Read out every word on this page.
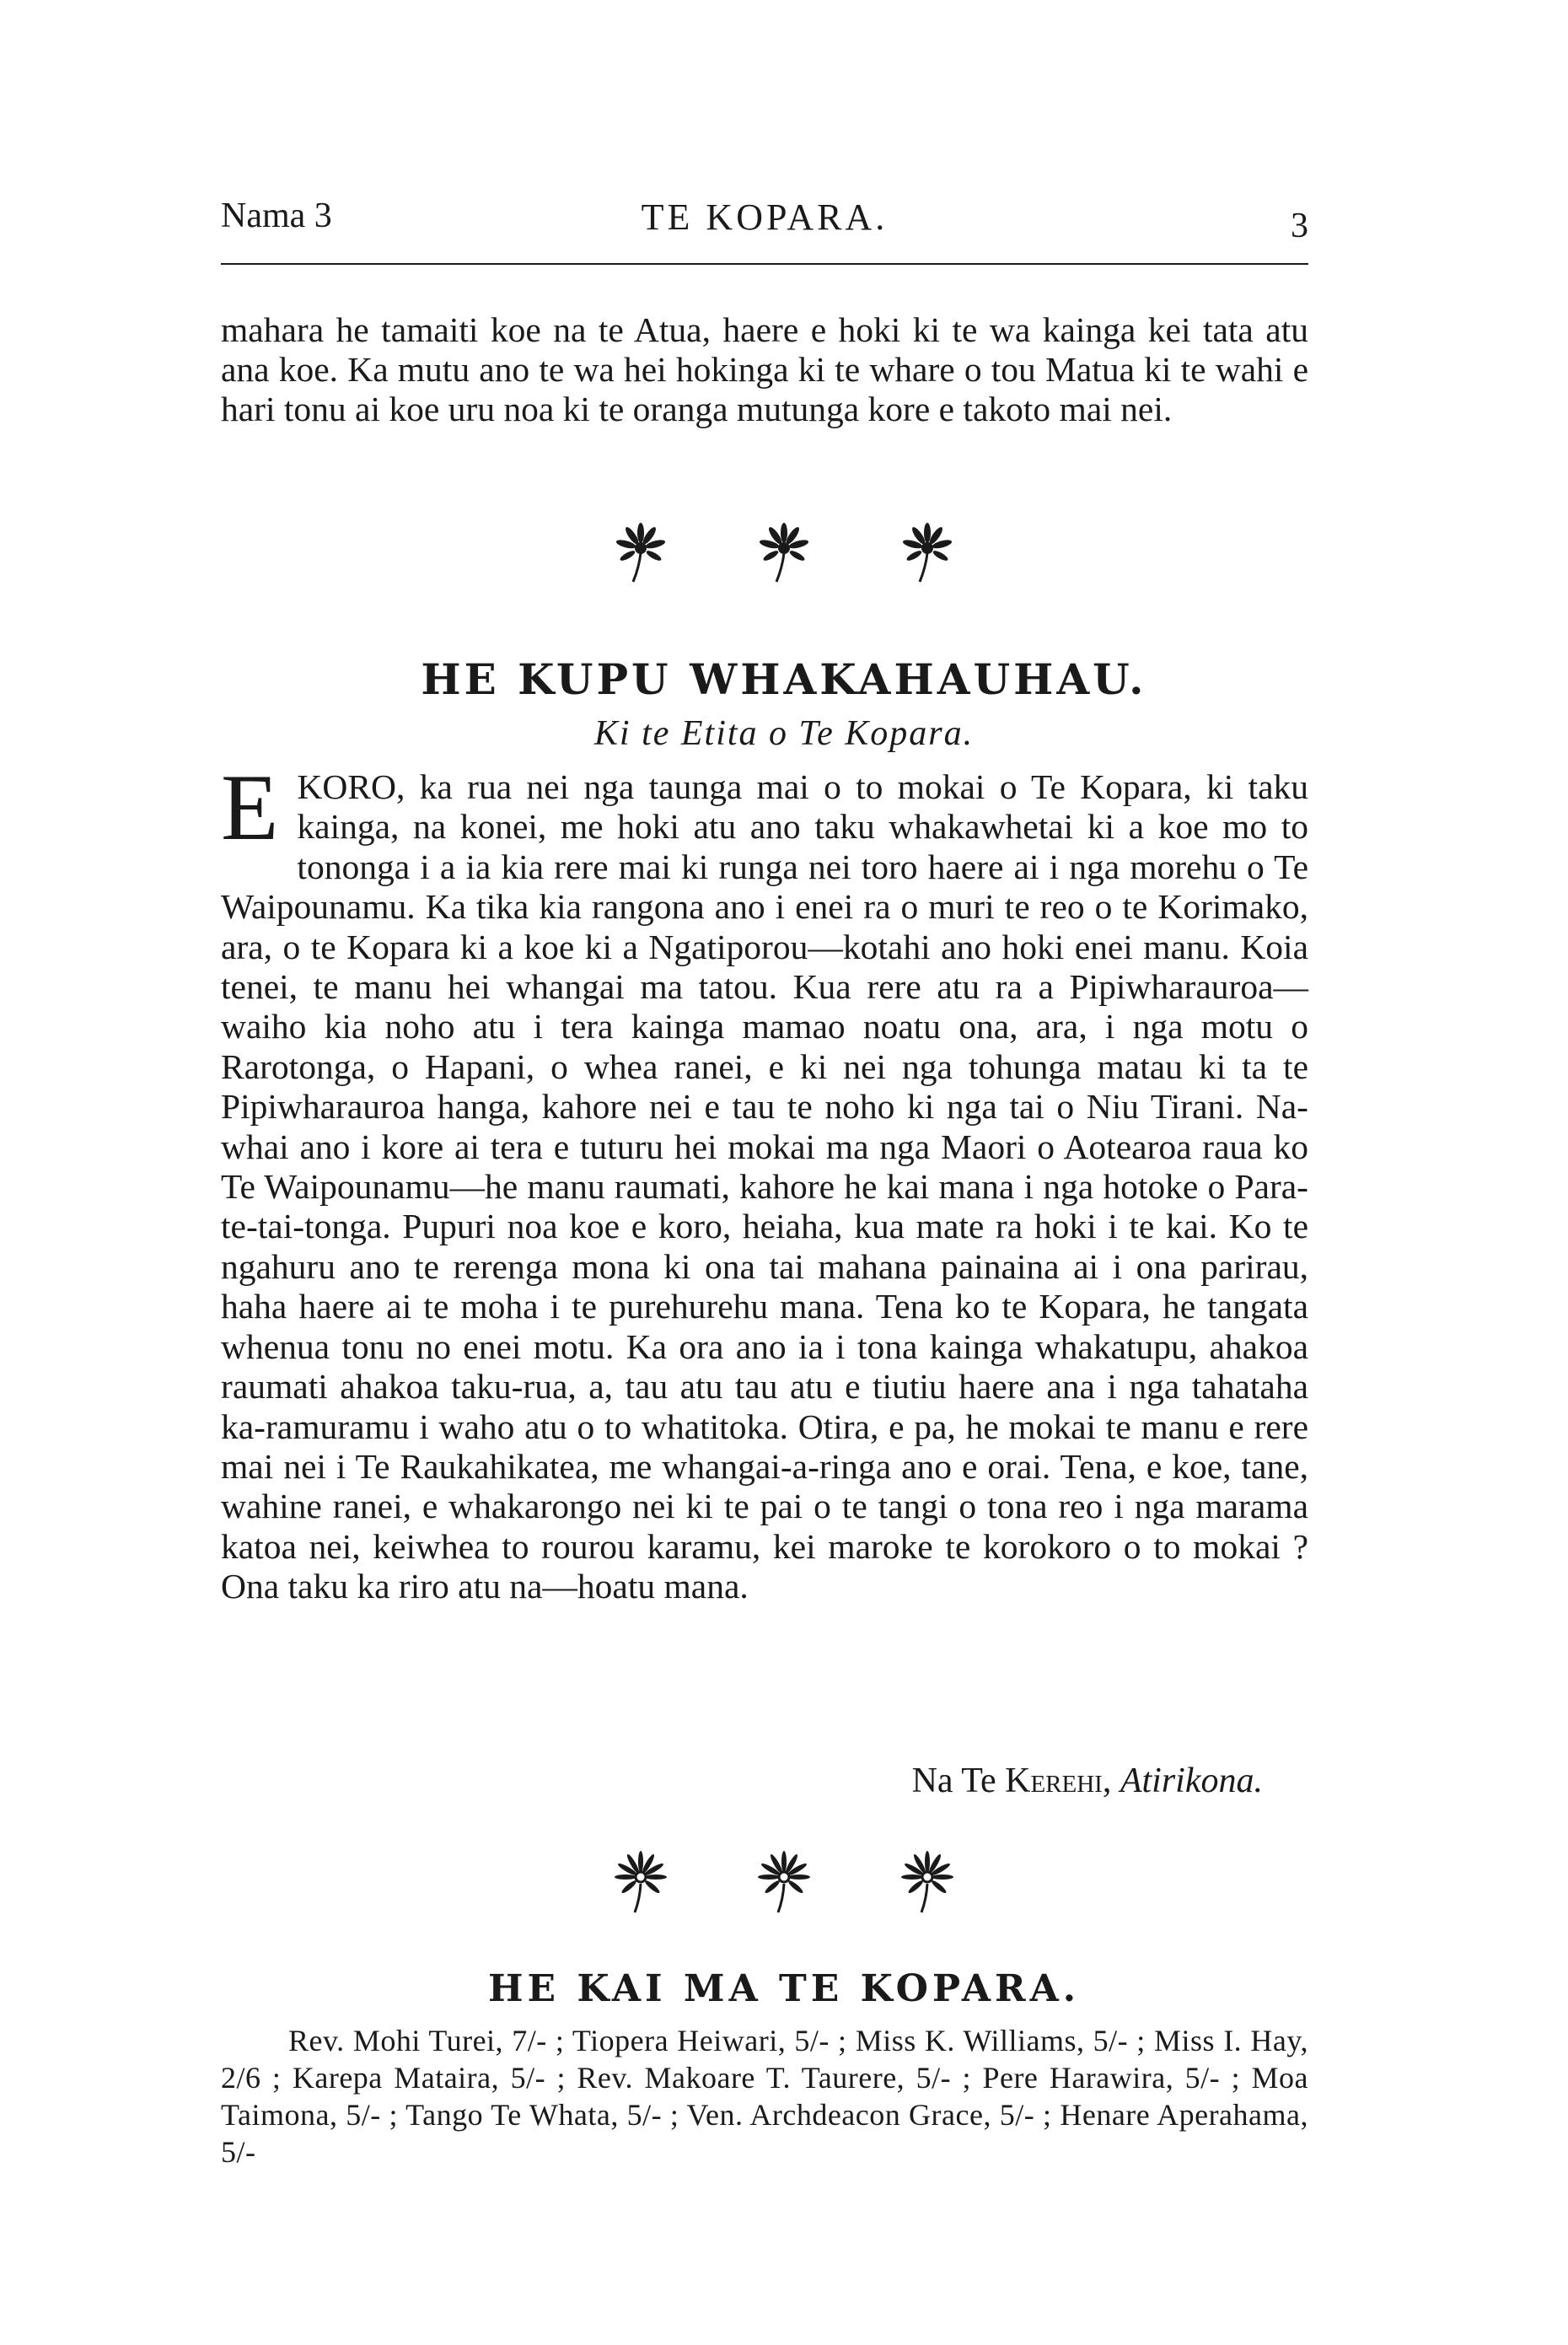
Nama 3	TE KOPARA.	3

mahara he tamaiti koe na te Atua, haere e hoki ki te wa kainga kei tata atu ana koe. Ka mutu ano te wa hei hokinga ki te whare o tou Matua ki te wahi e hari tonu ai koe uru noa ki te oranga mutunga kore e takoto mai nei.

HE KUPU WHAKAHAUHAU.
Ki te Etita o Te Kopara.

EKORO, ka rua nei nga taunga mai o to mokai o Te Kopara, ki taku kainga, na konei, me hoki atu ano taku whakawhetai ki a koe mo to tononga i a ia kia rere mai ki runga nei toro haere ai i nga morehu o Te Waipounamu. Ka tika kia rangona ano i enei ra o muri te reo o te Korimako, ara, o te Kopara ki a koe ki a Ngatiporou—kotahi ano hoki enei manu. Koia tenei, te manu hei whangai ma tatou. Kua rere atu ra a Pipiwharauroa— waiho kia noho atu i tera kainga mamao noatu ona, ara, i nga motu o Rarotonga, o Hapani, o whea ranei, e ki nei nga tohunga matau ki ta te Pipiwharauroa hanga, kahore nei e tau te noho ki nga tai o Niu Tirani. Na-whai ano i kore ai tera e tuturu hei mokai ma nga Maori o Aotearoa raua ko Te Waipounamu—he manu raumati, kahore he kai mana i nga hotoke o Para-te-tai-tonga. Pupuri noa koe e koro, heiaha, kua mate ra hoki i te kai. Ko te ngahuru ano te rerenga mona ki ona tai mahana painaina ai i ona parirau, haha haere ai te moha i te purehurehu mana. Tena ko te Kopara, he tangata whenua tonu no enei motu. Ka ora ano ia i tona kainga whakatupu, ahakoa raumati ahakoa taku-rua, a, tau atu tau atu e tiutiu haere ana i nga tahataha ka-ramuramu i waho atu o to whatitoka. Otira, e pa, he mokai te manu e rere mai nei i Te Raukahikatea, me whangai-a-ringa ano e orai. Tena, e koe, tane, wahine ranei, e whakarongo nei ki te pai o te tangi o tona reo i nga marama katoa nei, keiwhea to rourou karamu, kei maroke te korokoro o to mokai ? Ona taku ka riro atu na—hoatu mana.

Na Te Kerehi, Atirikona.
HE KAI MA TE KOPARA.

Rev. Mohi Turei, 7/- ; Tiopera Heiwari, 5/- ; Miss K. Williams, 5/- ; Miss I. Hay, 2/6 ; Karepa Mataira, 5/- ; Rev. Makoare T. Taurere, 5/- ; Pere Harawira, 5/- ; Moa Taimona, 5/- ; Tango Te Whata, 5/- ; Ven. Archdeacon Grace, 5/- ; Henare Aperahama, 5/-
